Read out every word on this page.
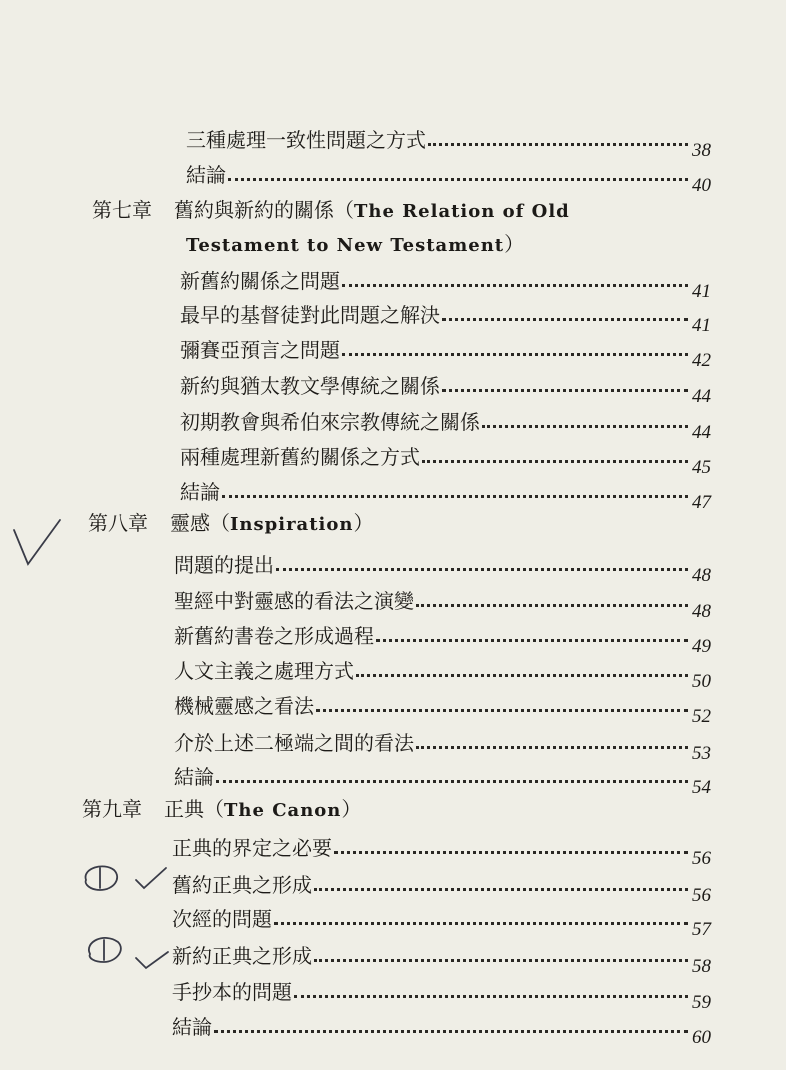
三種處理一致性問題之方式	38
結論	40
第七章 舊約與新約的關係（The Relation of Old
Testament to New Testament）
新舊約關係之問題	41
最早的基督徒對此問題之解決	41
彌賽亞預言之問題	42
新約與猶太教文學傳統之關係	44
初期教會與希伯來宗教傳統之關係	44
兩種處理新舊約關係之方式	45
結論	47
第八章 靈感（Inspiration）
問題的提出	48
聖經中對靈感的看法之演變	48
新舊約書卷之形成過程	49
人文主義之處理方式	50
機械靈感之看法	52
介於上述二極端之間的看法	53
結論	54
第九章 正典（The Canon）
正典的界定之必要	56
舊約正典之形成	56
次經的問題	57
新約正典之形成	58
手抄本的問題	59
結論	60
